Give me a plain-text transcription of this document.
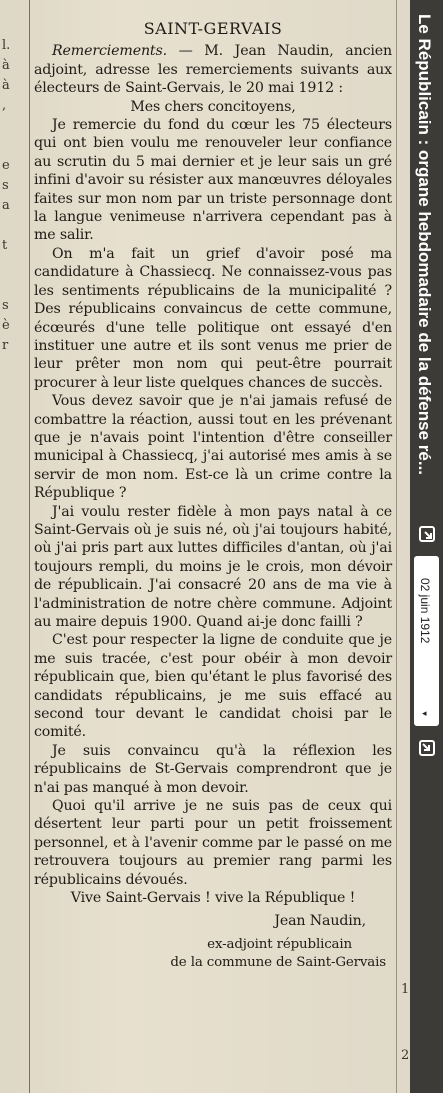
l.
à
à
,
e
s
a
t
s
è
r
SAINT-GERVAIS

Remerciements. — M. Jean Naudin, ancien adjoint, adresse les remerciements suivants aux électeurs de Saint-Gervais, le 20 mai 1912 :

Mes chers concitoyens,

Je remercie du fond du cœur les 75 électeurs qui ont bien voulu me renouveler leur confiance au scrutin du 5 mai dernier et je leur sais un gré infini d'avoir su résister aux manœuvres déloyales faites sur mon nom par un triste personnage dont la langue venimeuse n'arrivera cependant pas à me salir.

On m'a fait un grief d'avoir posé ma candidature à Chassiecq. Ne connaissez-vous pas les sentiments républicains de la municipalité ? Des républicains convaincus de cette commune, écœurés d'une telle politique ont essayé d'en instituer une autre et ils sont venus me prier de leur prêter mon nom qui peut-être pourrait procurer à leur liste quelques chances de succès.

Vous devez savoir que je n'ai jamais refusé de combattre la réaction, aussi tout en les prévenant que je n'avais point l'intention d'être conseiller municipal à Chassiecq, j'ai autorisé mes amis à se servir de mon nom. Est-ce là un crime contre la République ?

J'ai voulu rester fidèle à mon pays natal à ce Saint-Gervais où je suis né, où j'ai toujours habité, où j'ai pris part aux luttes difficiles d'antan, où j'ai toujours rempli, du moins je le crois, mon dévoir de républicain. J'ai consacré 20 ans de ma vie à l'administration de notre chère commune. Adjoint au maire depuis 1900. Quand ai-je donc failli ?

C'est pour respecter la ligne de conduite que je me suis tracée, c'est pour obéir à mon devoir républicain que, bien qu'étant le plus favorisé des candidats républicains, je me suis effacé au second tour devant le candidat choisi par le comité.

Je suis convaincu qu'à la réflexion les républicains de St-Gervais comprendront que je n'ai pas manqué à mon devoir.

Quoi qu'il arrive je ne suis pas de ceux qui désertent leur parti pour un petit froissement personnel, et à l'avenir comme par le passé on me retrouvera toujours au premier rang parmi les républicains dévoués.

Vive Saint-Gervais ! vive la République !

Jean Naudin,

ex-adjoint républicain

de la commune de Saint-Gervais

1
2
Le Républicain : organe hebdomadaire de la défense ré...
02 juin 1912
◂
